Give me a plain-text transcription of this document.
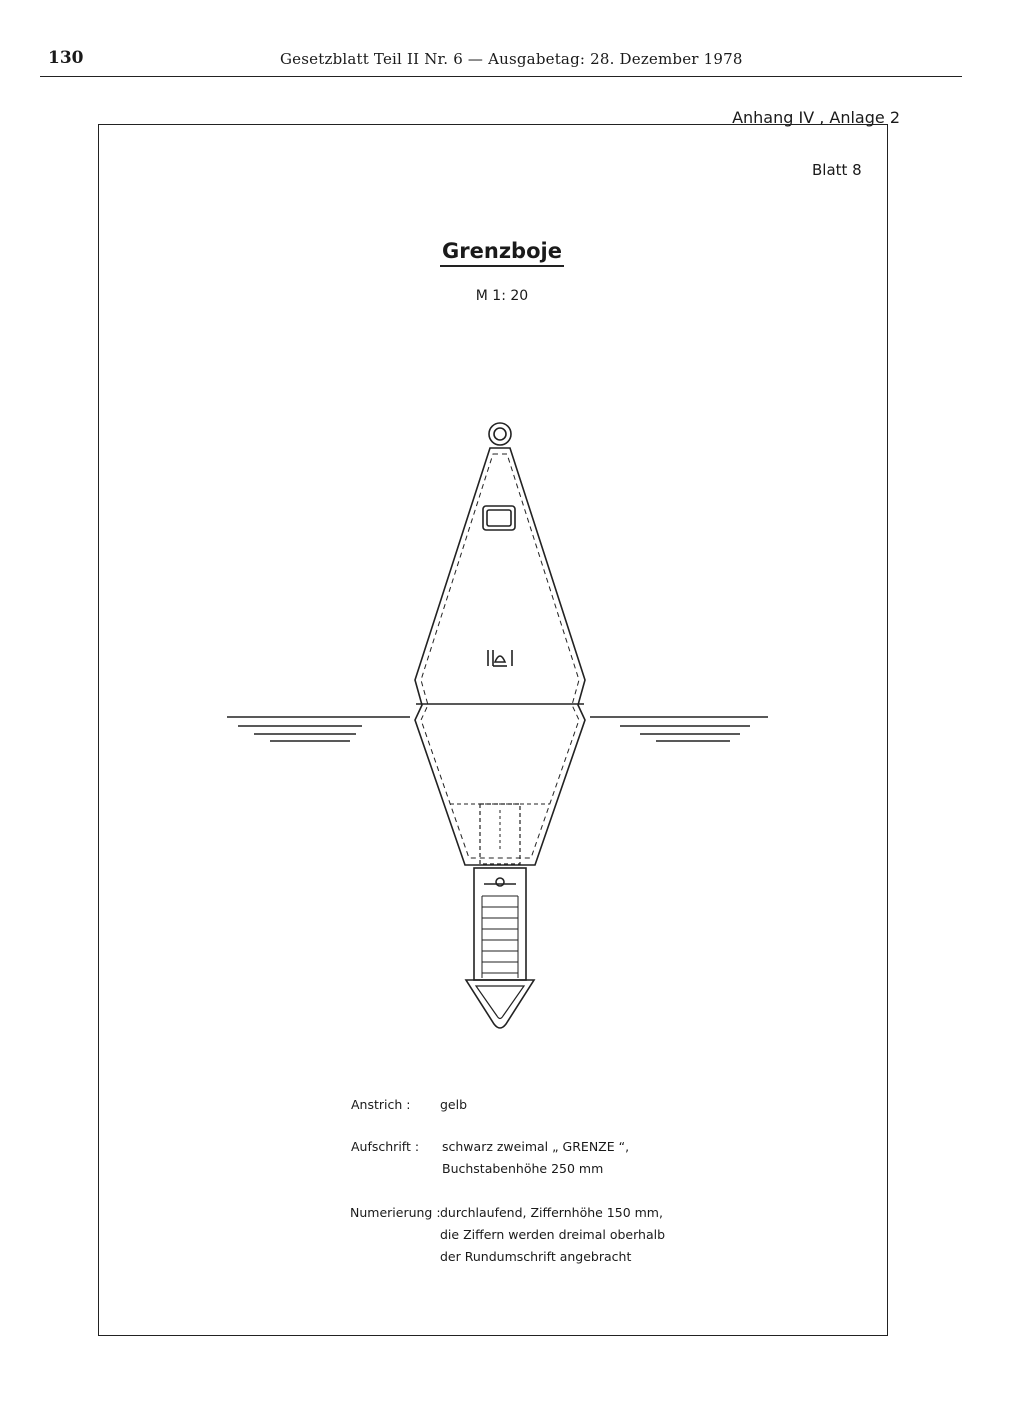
130	Gesetzblatt Teil II Nr. 6 — Ausgabetag: 28. Dezember 1978
Anhang IV , Anlage 2
Blatt 8
Grenzboje
M 1: 20
Anstrich : gelb
Aufschrift : schwarz zweimal „ GRENZE “,
Buchstabenhöhe 250 mm
Numerierung : durchlaufend, Ziffernhöhe 150 mm,
die Ziffern werden dreimal oberhalb
der Rundumschrift angebracht
